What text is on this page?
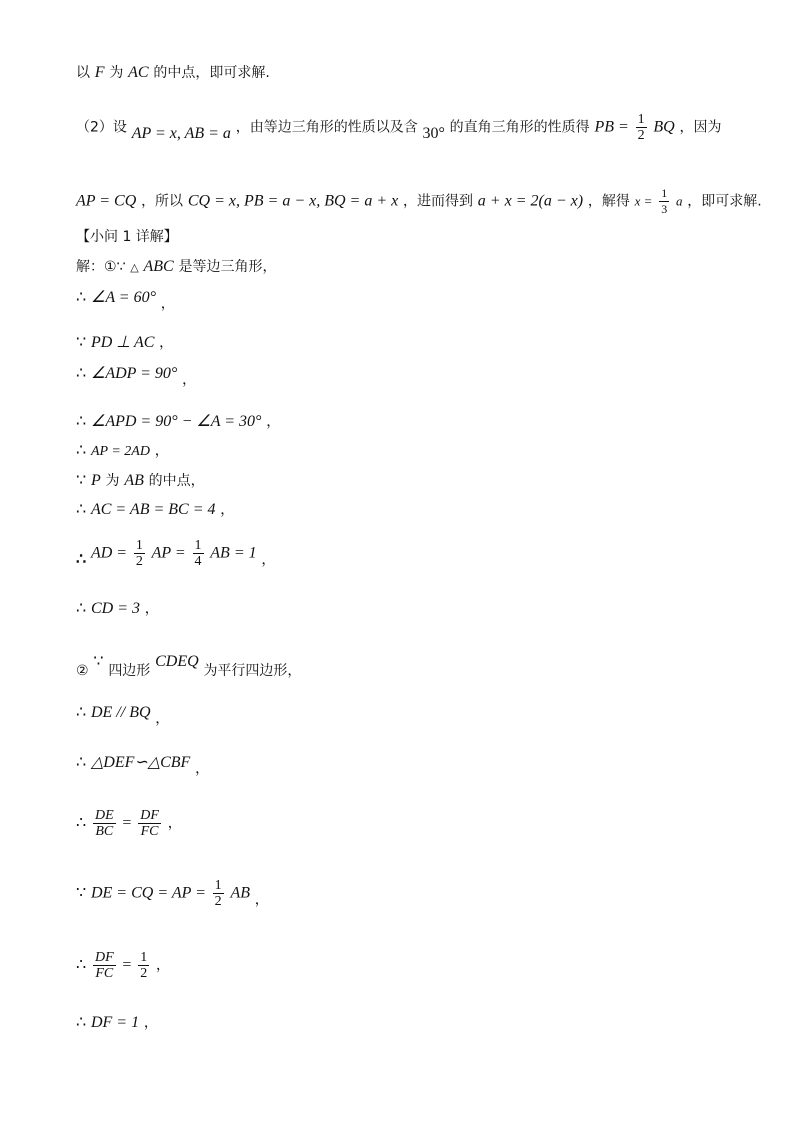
以 F 为 AC 的中点，即可求解.
（2）设 AP = x, AB = a ，由等边三角形的性质以及含 30° 的直角三角形的性质得 PB = $\frac{1}{2}$ BQ ，因为
AP = CQ ，所以 CQ = x, PB = a − x, BQ = a + x ，进而得到 a + x = 2(a − x) ，解得 $x = \frac{1}{3}$ a ，即可求解.
【小问 1 详解】
解：①∵ △ ABC 是等边三角形，
∴ ∠A = 60° ，
∵ PD ⊥ AC ，
∴ ∠ADP = 90° ，
∴ ∠APD = 90° − ∠A = 30° ，
∴ AP = 2AD ，
∵ P 为 AB 的中点，
∴ AC = AB = BC = 4 ，
∴ AD = $\frac{1}{2}$ AP = $\frac{1}{4}$ AB = 1 ，
∴ CD = 3 ，
② ∵ 四边形 CDEQ 为平行四边形，
∴ DE // BQ ，
∴ △DEF∽△CBF ，
∴ $\frac{DE}{BC} = \frac{DF}{FC}$ ，
∵ DE = CQ = AP = $\frac{1}{2}$ AB ，
∴ $\frac{DF}{FC} = \frac{1}{2}$ ，
∴ DF = 1 ，
